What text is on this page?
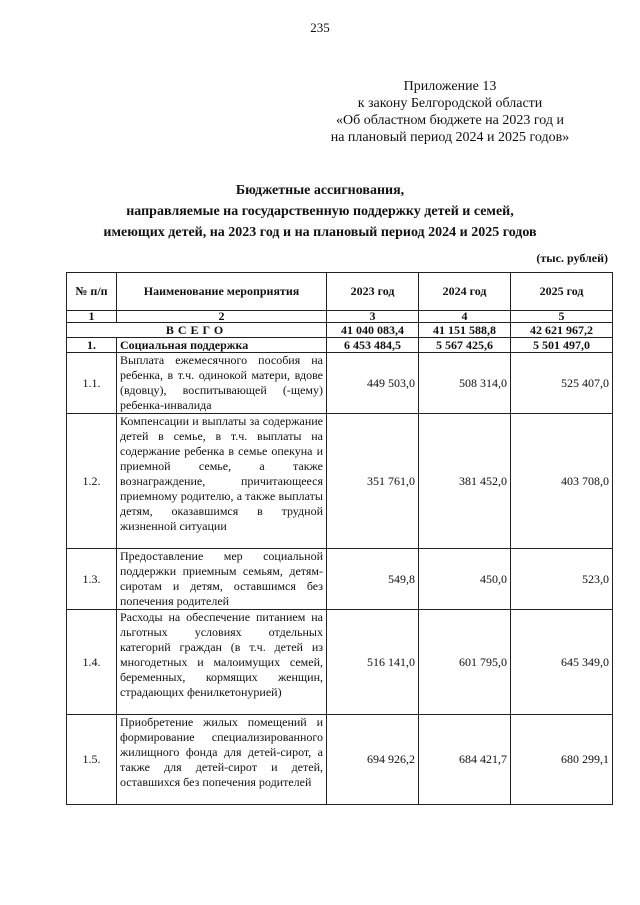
235
Приложение 13
к закону Белгородской области
«Об областном бюджете на 2023 год и
на плановый период 2024 и 2025 годов»
Бюджетные ассигнования,
направляемые на государственную поддержку детей и семей,
имеющих детей, на 2023 год и на плановый период 2024 и 2025 годов
(тыс. рублей)
№ п/п	Наименование мероприятия	2023 год	2024 год	2025 год
1	2	3	4	5
ВСЕГО		41 040 083,4	41 151 588,8	42 621 967,2
1.	Социальная поддержка	6 453 484,5	5 567 425,6	5 501 497,0
1.1.	Выплата ежемесячного пособия на ребенка, в т.ч. одинокой матери, вдове (вдовцу), воспитывающей (-щему) ребенка-инвалида	449 503,0	508 314,0	525 407,0
1.2.	Компенсации и выплаты за содержание детей в семье, в т.ч. выплаты на содержание ребенка в семье опекуна и приемной семье, а также вознаграждение, причитающееся приемному родителю, а также выплаты детям, оказавшимся в трудной жизненной ситуации	351 761,0	381 452,0	403 708,0
1.3.	Предоставление мер социальной поддержки приемным семьям, детям-сиротам и детям, оставшимся без попечения родителей	549,8	450,0	523,0
1.4.	Расходы на обеспечение питанием на льготных условиях отдельных категорий граждан (в т.ч. детей из многодетных и малоимущих семей, беременных, кормящих женщин, страдающих фенилкетонурией)	516 141,0	601 795,0	645 349,0
1.5.	Приобретение жилых помещений и формирование специализированного жилищного фонда для детей-сирот, а также для детей-сирот и детей, оставшихся без попечения родителей	694 926,2	684 421,7	680 299,1
